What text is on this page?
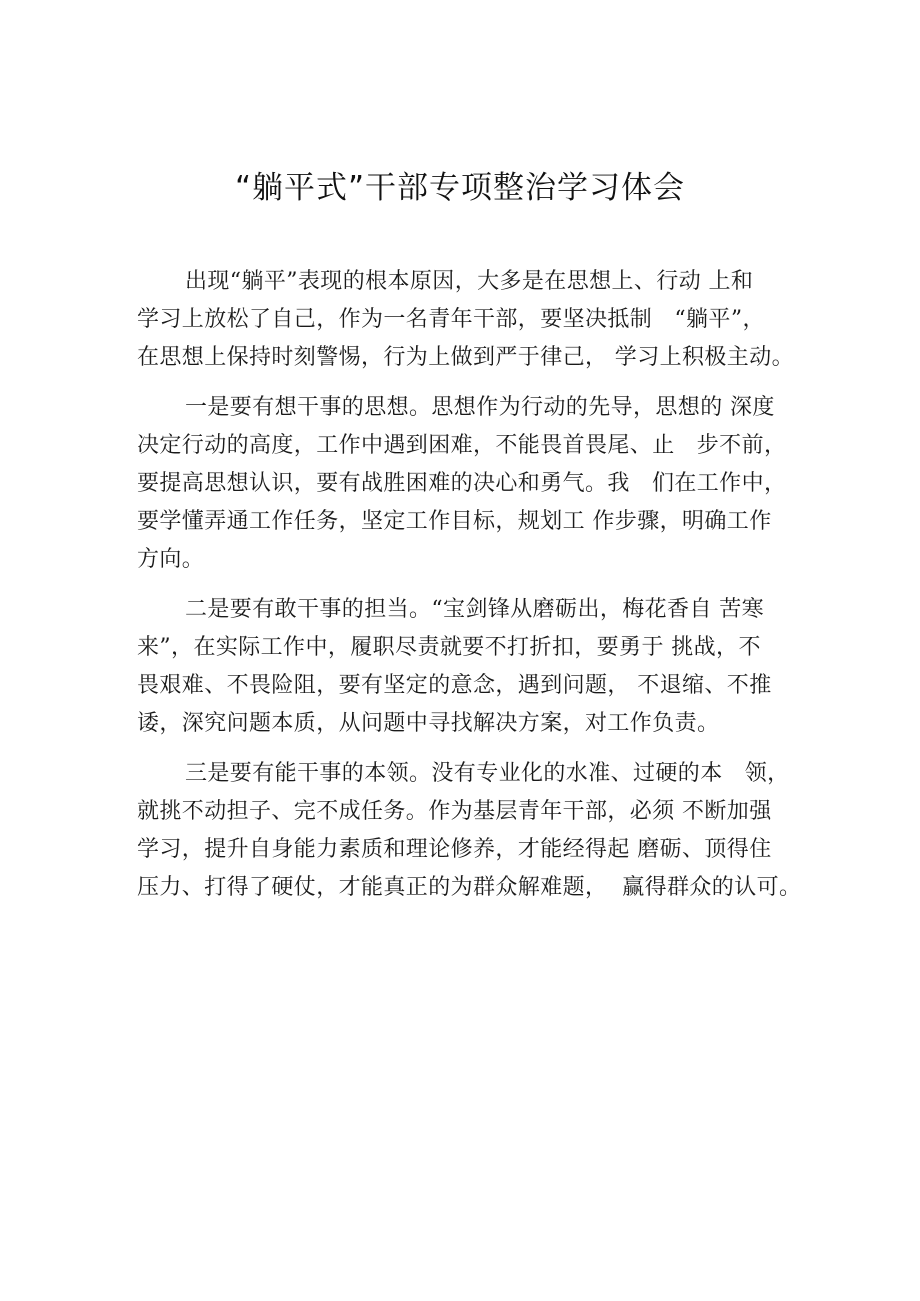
“躺平式”干部专项整治学习体会
出现“躺平”表现的根本原因，大多是在思想上、行动 上和
学习上放松了自己，作为一名青年干部，要坚决抵制   “躺平”，
在思想上保持时刻警惕，行为上做到严于律己， 学习上积极主动。
一是要有想干事的思想。思想作为行动的先导，思想的 深度
决定行动的高度，工作中遇到困难，不能畏首畏尾、止   步不前，
要提高思想认识，要有战胜困难的决心和勇气。我   们在工作中，
要学懂弄通工作任务，坚定工作目标，规划工 作步骤，明确工作
方向。
二是要有敢干事的担当。“宝剑锋从磨砺出，梅花香自 苦寒
来”，在实际工作中，履职尽责就要不打折扣，要勇于 挑战，不
畏艰难、不畏险阻，要有坚定的意念，遇到问题， 不退缩、不推
诿，深究问题本质，从问题中寻找解决方案，对工作负责。
三是要有能干事的本领。没有专业化的水准、过硬的本   领，
就挑不动担子、完不成任务。作为基层青年干部，必须 不断加强
学习，提升自身能力素质和理论修养，才能经得起 磨砺、顶得住
压力、打得了硬仗，才能真正的为群众解难题，  赢得群众的认可。
